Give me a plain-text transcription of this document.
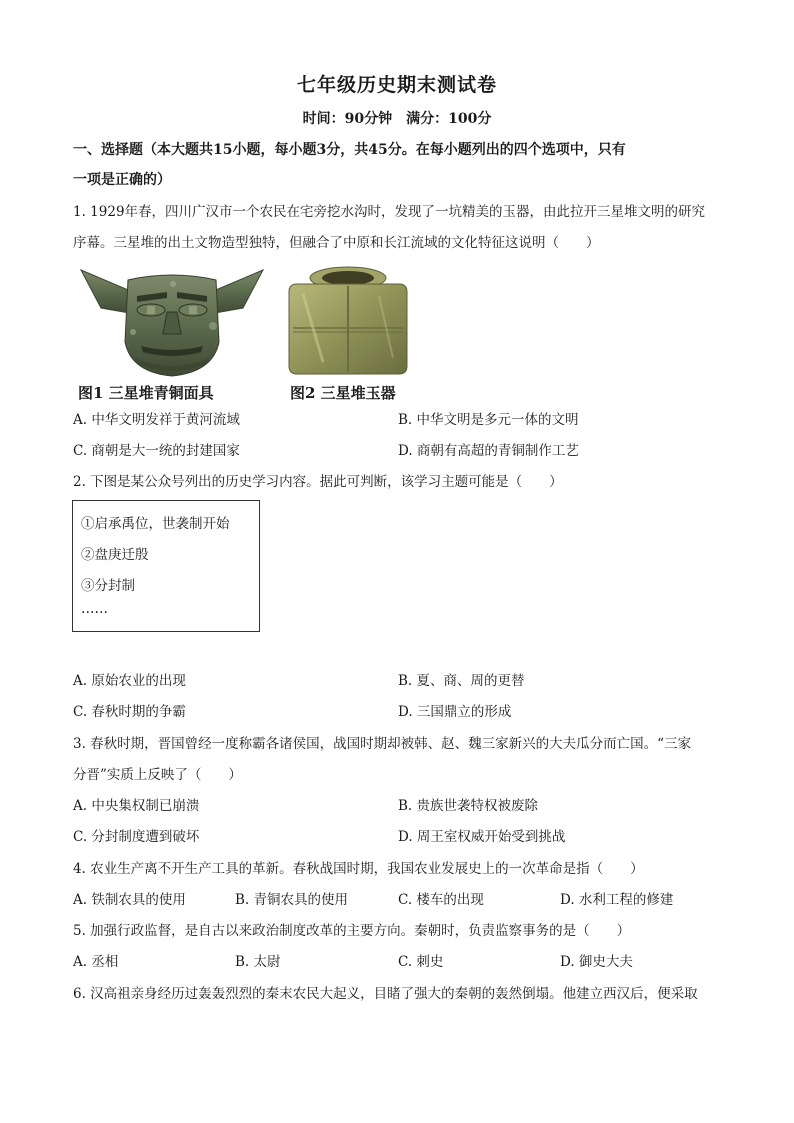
七年级历史期末测试卷
时间：90分钟　满分：100分
一、选择题（本大题共15小题，每小题3分，共45分。在每小题列出的四个选项中，只有
一项是正确的）
1. 1929年春，四川广汉市一个农民在宅旁挖水沟时，发现了一坑精美的玉器，由此拉开三星堆文明的研究
序幕。三星堆的出土文物造型独特，但融合了中原和长江流域的文化特征这说明（　　）
图1 三星堆青铜面具	图2 三星堆玉器
A. 中华文明发祥于黄河流域	B. 中华文明是多元一体的文明
C. 商朝是大一统的封建国家	D. 商朝有高超的青铜制作工艺
2. 下图是某公众号列出的历史学习内容。据此可判断，该学习主题可能是（　　）
①启承禹位，世袭制开始
②盘庚迁殷
③分封制
……
A. 原始农业的出现	B. 夏、商、周的更替
C. 春秋时期的争霸	D. 三国鼎立的形成
3. 春秋时期，晋国曾经一度称霸各诸侯国，战国时期却被韩、赵、魏三家新兴的大夫瓜分而亡国。“三家
分晋”实质上反映了（　　）
A. 中央集权制已崩溃	B. 贵族世袭特权被废除
C. 分封制度遭到破坏	D. 周王室权威开始受到挑战
4. 农业生产离不开生产工具的革新。春秋战国时期，我国农业发展史上的一次革命是指（　　）
A. 铁制农具的使用	B. 青铜农具的使用	C. 楼车的出现	D. 水利工程的修建
5. 加强行政监督，是自古以来政治制度改革的主要方向。秦朝时，负责监察事务的是（　　）
A. 丞相	B. 太尉	C. 刺史	D. 御史大夫
6. 汉高祖亲身经历过轰轰烈烈的秦末农民大起义，目睹了强大的秦朝的轰然倒塌。他建立西汉后，便采取
